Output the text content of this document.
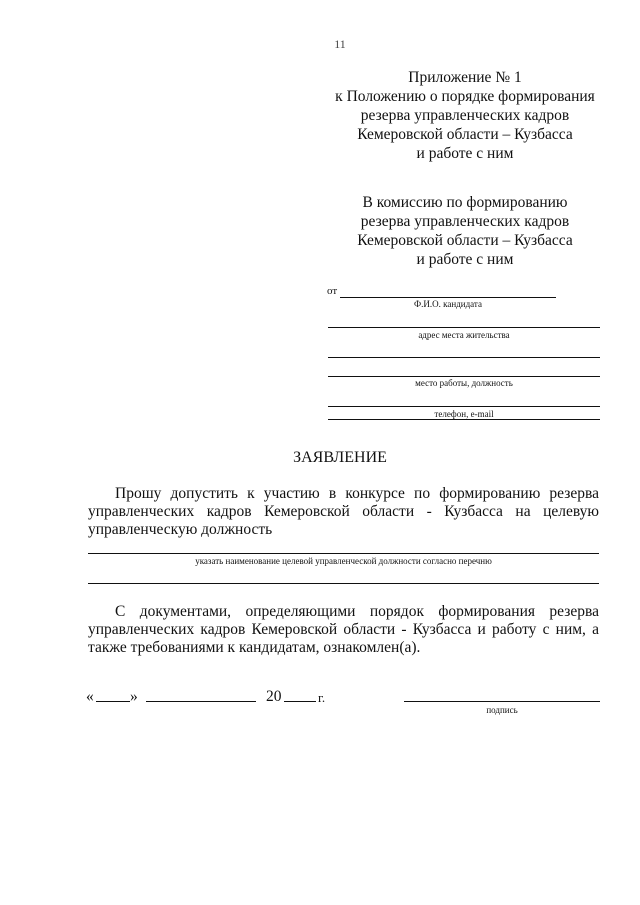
11
Приложение № 1
к Положению о порядке формирования
резерва управленческих кадров
Кемеровской области – Кузбасса
и работе с ним
В комиссию по формированию
резерва управленческих кадров
Кемеровской области – Кузбасса
и работе с ним
от
Ф.И.О. кандидата
адрес места жительства
место работы, должность
телефон, e-mail
ЗАЯВЛЕНИЕ
Прошу допустить к участию в конкурсе по формированию резерва
управленческих кадров Кемеровской области - Кузбасса на целевую
управленческую должность
указать наименование целевой управленческой должности согласно перечню
С документами, определяющими порядок формирования резерва
управленческих кадров Кемеровской области - Кузбасса и работу с ним, а
также требованиями к кандидатам, ознакомлен(а).
« »	20	г.
подпись
